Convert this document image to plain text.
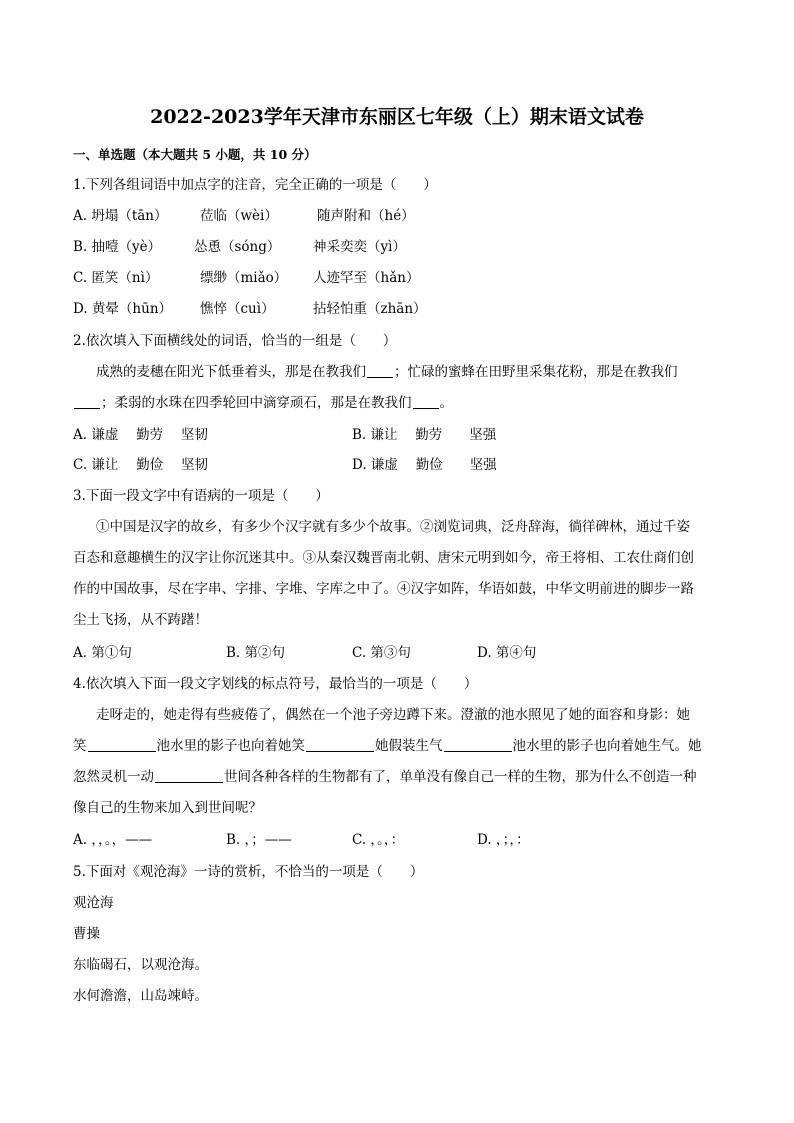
2022-2023学年天津市东丽区七年级（上）期末语文试卷
一、单选题（本大题共 5 小题，共 10 分）
1.下列各组词语中加点字的注音，完全正确的一项是（　　）
A. 坍塌（tān） 莅临（wèi）	随声附和（hé）
B. 抽噎（yè） 怂恿（sóng） 神采奕奕（yì）
C. 匿笑（nì）	缥缈（miǎo） 人迹罕至（hǎn）
D. 黄晕（hūn） 憔悴（cuì）	拈轻怕重（zhān）
2.依次填入下面横线处的词语，恰当的一组是（　　）
成熟的麦穗在阳光下低垂着头，那是在教我们 ；忙碌的蜜蜂在田野里采集花粉，那是在教我们
；柔弱的水珠在四季轮回中滴穿顽石，那是在教我们 。
A. 谦虚　 勤劳　 坚韧	B. 谦让　 勤劳　　坚强
C. 谦让　 勤俭　 坚韧	D. 谦虚　 勤俭　　坚强
3.下面一段文字中有语病的一项是（　　）
①中国是汉字的故乡，有多少个汉字就有多少个故事。②浏览词典，泛舟辞海，徜徉碑林，通过千姿
百态和意趣横生的汉字让你沉迷其中。③从秦汉魏晋南北朝、唐宋元明到如今，帝王将相、工农仕商们创
作的中国故事，尽在字串、字排、字堆、字库之中了。④汉字如阵，华语如鼓，中华文明前进的脚步一路
尘土飞扬，从不踌躇！
A. 第①句	B. 第②句	C. 第③句	D. 第④句
4.依次填入下面一段文字划线的标点符号，最恰当的一项是（　　）
走呀走的，她走得有些疲倦了，偶然在一个池子旁边蹲下来。澄澈的池水照见了她的面容和身影：她
笑	池水里的影子也向着她笑	她假装生气	池水里的影子也向着她生气。她
忽然灵机一动	世间各种各样的生物都有了，单单没有像自己一样的生物，那为什么不创造一种
像自己的生物来加入到世间呢？
A. ，，。，——	B. ，；——	C. ，。，：	D. ，；，：
5.下面对《观沧海》一诗的赏析，不恰当的一项是（　　）
观沧海
曹操
东临碣石，以观沧海。
水何澹澹，山岛竦峙。
